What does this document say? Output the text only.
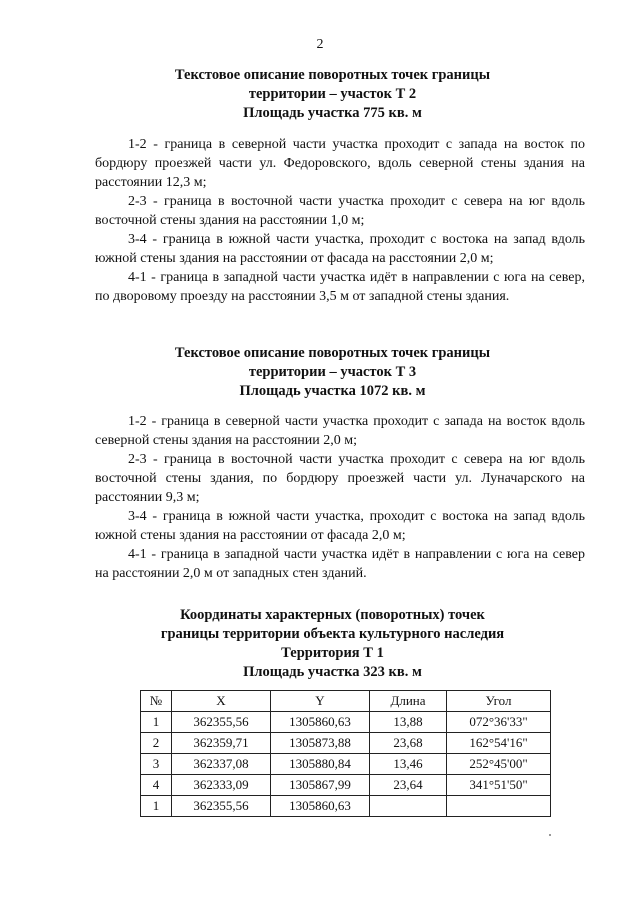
2
Текстовое описание поворотных точек границы
территории – участок Т 2
Площадь участка 775 кв. м

1-2 - граница в северной части участка проходит с запада на восток по бордюру проезжей части ул. Федоровского, вдоль северной стены здания на расстоянии 12,3 м;

2-3 - граница в восточной части участка проходит с севера на юг вдоль восточной стены здания на расстоянии 1,0 м;

3-4 - граница в южной части участка, проходит с востока на запад вдоль южной стены здания на расстоянии от фасада на расстоянии 2,0 м;

4-1 - граница в западной части участка идёт в направлении с юга на север, по дворовому проезду на расстоянии 3,5 м от западной стены здания.

Текстовое описание поворотных точек границы
территории – участок Т 3
Площадь участка 1072 кв. м

1-2 - граница в северной части участка проходит с запада на восток вдоль северной стены здания на расстоянии 2,0 м;

2-3 - граница в восточной части участка проходит с севера на юг вдоль восточной стены здания, по бордюру проезжей части ул. Луначарского на расстоянии 9,3 м;

3-4 - граница в южной части участка, проходит с востока на запад вдоль южной стены здания на расстоянии от фасада 2,0 м;

4-1 - граница в западной части участка идёт в направлении с юга на север на расстоянии 2,0 м от западных стен зданий.

Координаты характерных (поворотных) точек
границы территории объекта культурного наследия
Территория Т 1
Площадь участка 323 кв. м
№	X	Y	Длина	Угол
1	362355,56	1305860,63	13,88	072°36'33"
2	362359,71	1305873,88	23,68	162°54'16"
3	362337,08	1305880,84	13,46	252°45'00"
4	362333,09	1305867,99	23,64	341°51'50"
1	362355,56	1305860,63		
